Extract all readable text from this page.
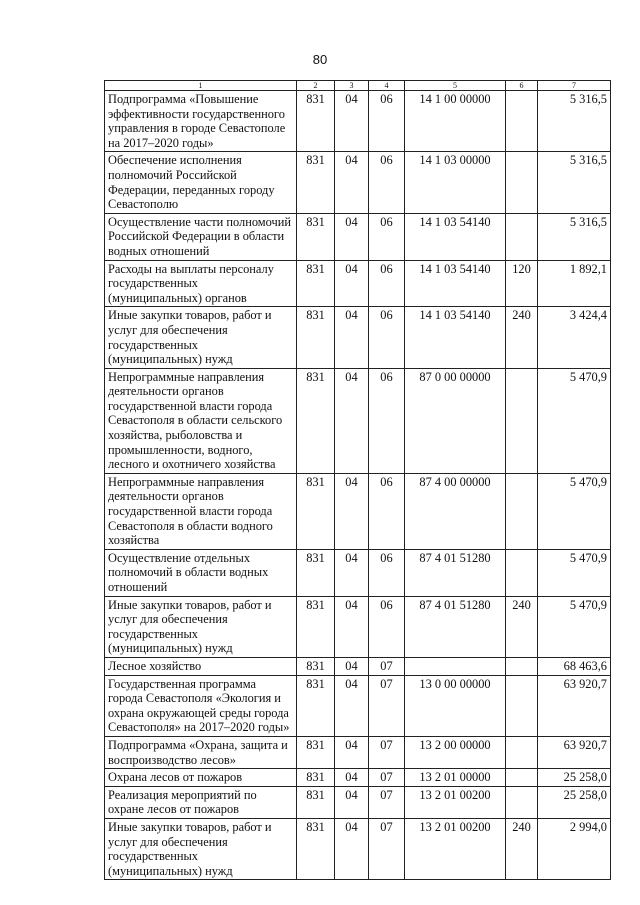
80
1	2	3	4	5	6	7
Подпрограмма «Повышение эффективности государственного управления в городе Севастополе на 2017–2020 годы»	831	04	06	14 1 00 00000		5 316,5
Обеспечение исполнения полномочий Российской Федерации, переданных городу Севастополю	831	04	06	14 1 03 00000		5 316,5
Осуществление части полномочий Российской Федерации в области водных отношений	831	04	06	14 1 03 54140		5 316,5
Расходы на выплаты персоналу государственных (муниципальных) органов	831	04	06	14 1 03 54140	120	1 892,1
Иные закупки товаров, работ и услуг для обеспечения государственных (муниципальных) нужд	831	04	06	14 1 03 54140	240	3 424,4
Непрограммные направления деятельности органов государственной власти города Севастополя в области сельского хозяйства, рыболовства и промышленности, водного, лесного и охотничего хозяйства	831	04	06	87 0 00 00000		5 470,9
Непрограммные направления деятельности органов государственной власти города Севастополя в области водного хозяйства	831	04	06	87 4 00 00000		5 470,9
Осуществление отдельных полномочий в области водных отношений	831	04	06	87 4 01 51280		5 470,9
Иные закупки товаров, работ и услуг для обеспечения государственных (муниципальных) нужд	831	04	06	87 4 01 51280	240	5 470,9
Лесное хозяйство	831	04	07			68 463,6
Государственная программа города Севастополя «Экология и охрана окружающей среды города Севастополя» на 2017–2020 годы»	831	04	07	13 0 00 00000		63 920,7
Подпрограмма «Охрана, защита и воспроизводство лесов»	831	04	07	13 2 00 00000		63 920,7
Охрана лесов от пожаров	831	04	07	13 2 01 00000		25 258,0
Реализация мероприятий по охране лесов от пожаров	831	04	07	13 2 01 00200		25 258,0
Иные закупки товаров, работ и услуг для обеспечения государственных (муниципальных) нужд	831	04	07	13 2 01 00200	240	2 994,0
